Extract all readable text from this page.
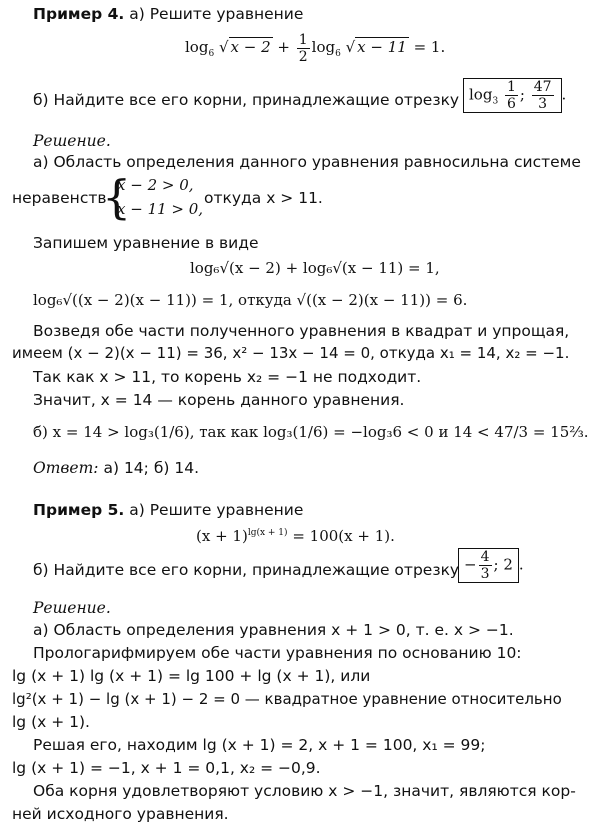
Пример 4. а) Решите уравнение
$\log_6$ √ $x - 2 + \frac{1}{2} \log_6$ √ x − 11 = 1.
б) Найдите все его корни, принадлежащие отрезку $\log_3 \frac{1}{6}$ ; $\frac{47}{3}$ .
Решение.
а) Область определения данного уравнения равносильна системе
неравенств
{
x − 2 > 0,
x − 11 > 0,
откуда x > 11.
Запишем уравнение в виде
log₆√(x − 2) + log₆√(x − 11) = 1,
log₆√((x − 2)(x − 11)) = 1, откуда √((x − 2)(x − 11)) = 6.
Возведя обе части полученного уравнения в квадрат и упрощая,
имеем (x − 2)(x − 11) = 36, x² − 13x − 14 = 0, откуда x₁ = 14, x₂ = −1.
Так как x > 11, то корень x₂ = −1 не подходит.
Значит, x = 14 — корень данного уравнения.
б) x = 14 > log₃(1/6), так как log₃(1/6) = −log₃6 < 0 и 14 < 47/3 = 15⅔.
Ответ: а) 14; б) 14.
Пример 5. а) Решите уравнение
$(x + 1)^{lg(x + 1)} = 100(x + 1)$.
б) Найдите все его корни, принадлежащие отрезку − $\frac{4}{3}$ ; 2 .
Решение.
а) Область определения уравнения x + 1 > 0, т. е. x > −1.
Прологарифмируем обе части уравнения по основанию 10:
lg (x + 1) lg (x + 1) = lg 100 + lg (x + 1), или
lg²(x + 1) − lg (x + 1) − 2 = 0 — квадратное уравнение относительно
lg (x + 1).
Решая его, находим lg (x + 1) = 2, x + 1 = 100, x₁ = 99;
lg (x + 1) = −1, x + 1 = 0,1, x₂ = −0,9.
Оба корня удовлетворяют условию x > −1, значит, являются кор-
ней исходного уравнения.
